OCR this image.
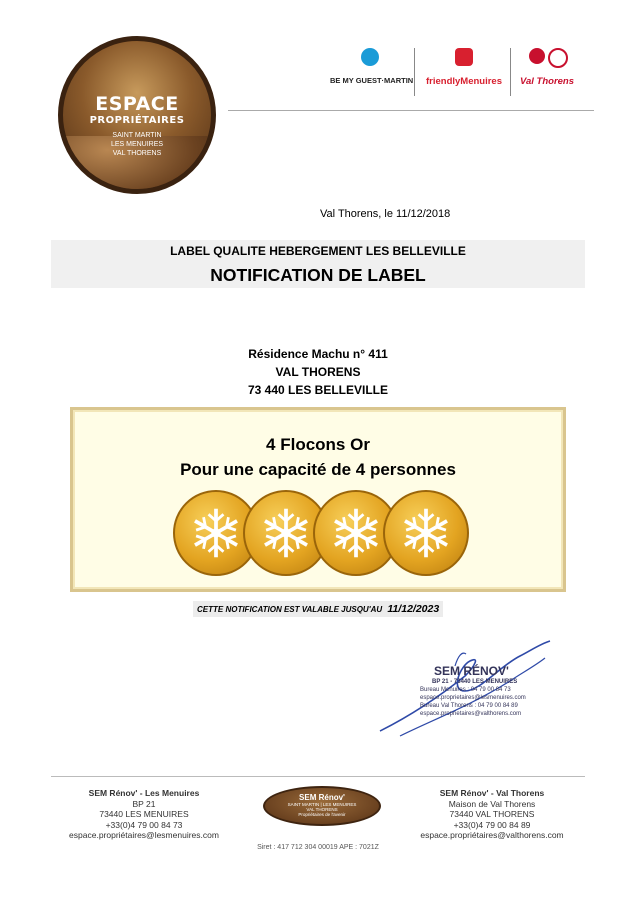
ESPACE
PROPRIÉTAIRES
SAINT MARTIN
LES MENUIRES
VAL THORENS
BE MY GUEST·MARTIN	friendlyMenuires	Val Thorens
Val Thorens, le 11/12/2018
LABEL QUALITE HEBERGEMENT LES BELLEVILLE
NOTIFICATION DE LABEL
Résidence Machu n° 411
VAL THORENS
73 440 LES BELLEVILLE
4 Flocons Or
Pour une capacité de 4 personnes
CETTE NOTIFICATION EST VALABLE JUSQU'AU 11/12/2023
SEM RÉNOV'
BP 21 - 73440 LES MENUIRES
Bureau Menuires : 04 79 00 84 73
espace.proprietaires@lesmenuires.com
Bureau Val Thorens : 04 79 00 84 89
espace.proprietaires@valthorens.com
SEM Rénov' - Les Menuires
BP 21
73440 LES MENUIRES
+33(0)4 79 00 84 73
espace.propriétaires@lesmenuires.com
SEM Rénov'
SAINT MARTIN | LES MENUIRES
VAL THORENS
Propriétaires de l'avenir
SEM Rénov' - Val Thorens
Maison de Val Thorens
73440 VAL THORENS
+33(0)4 79 00 84 89
espace.propriétaires@valthorens.com
Siret : 417 712 304 00019 APE : 7021Z
